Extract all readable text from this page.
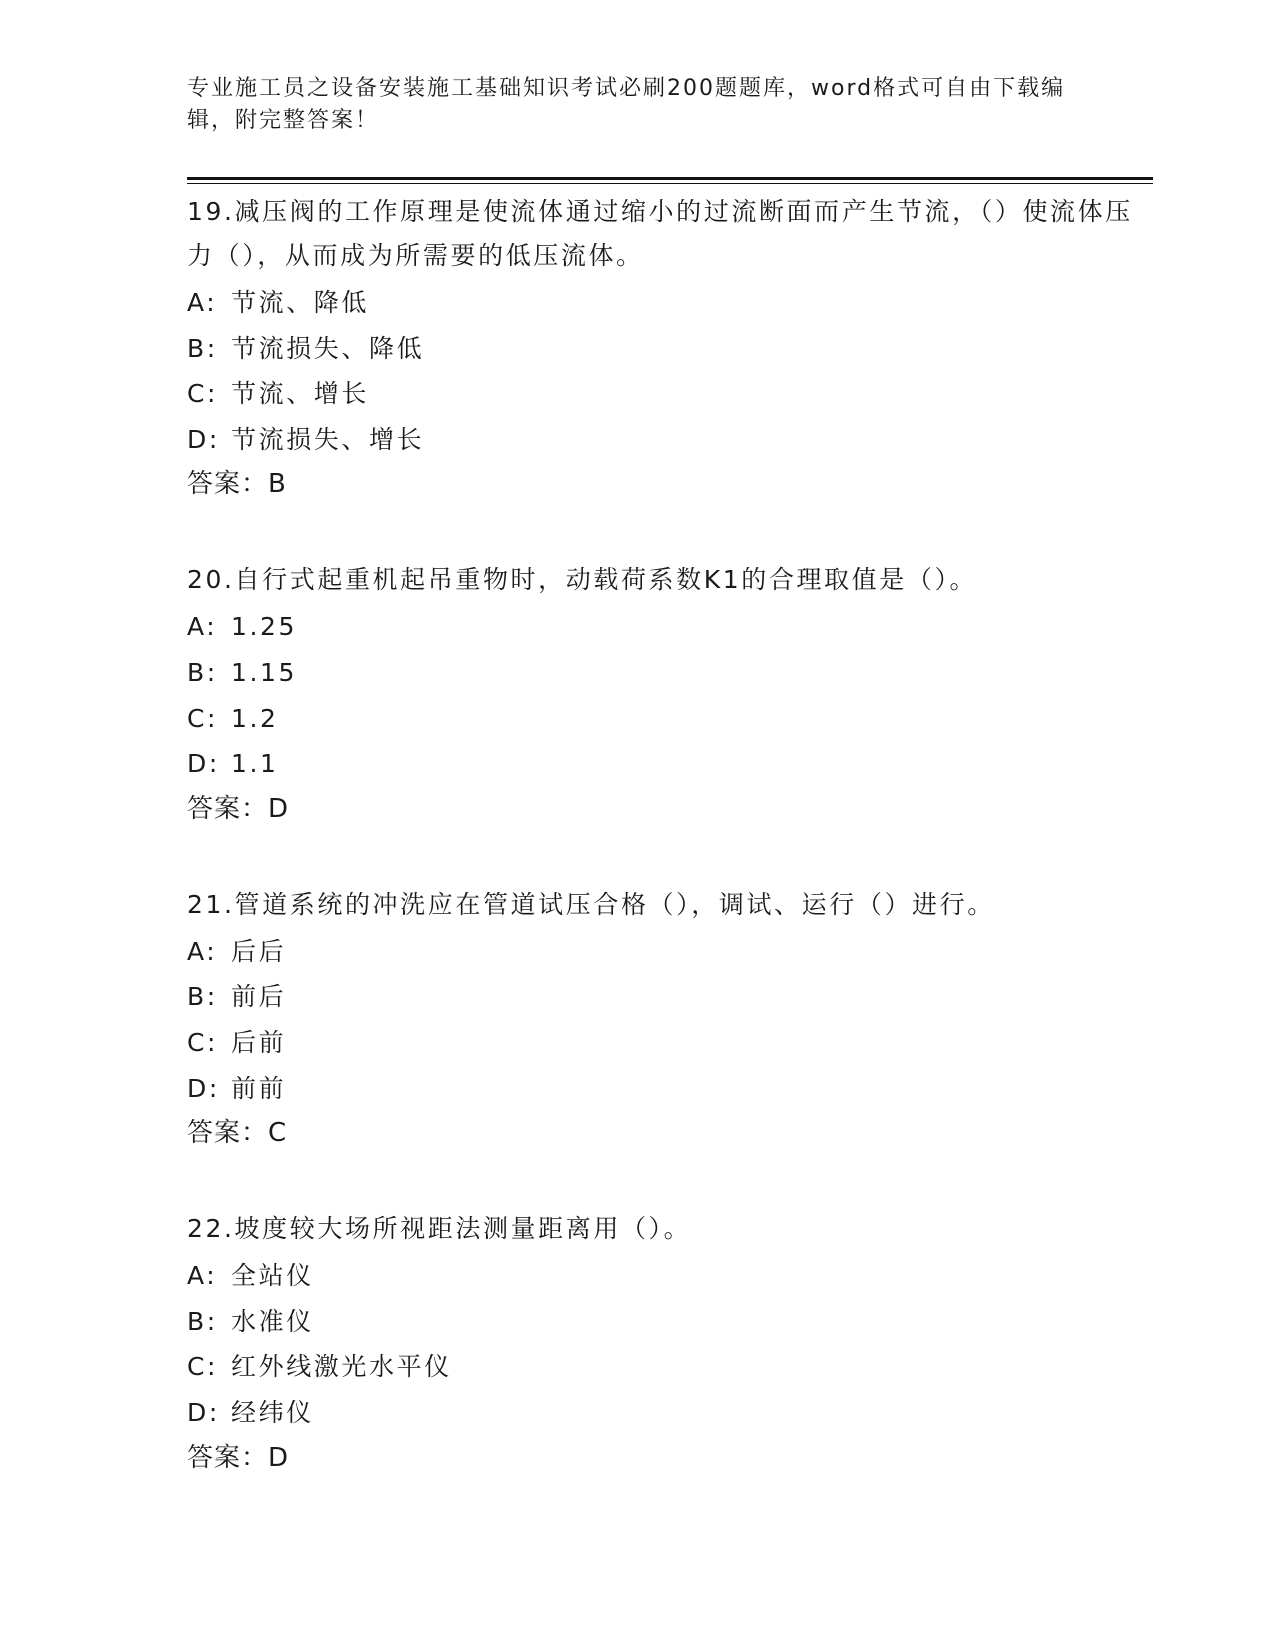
专业施工员之设备安装施工基础知识考试必刷200题题库，word格式可自由下载编辑，附完整答案！

19.减压阀的工作原理是使流体通过缩小的过流断面而产生节流，（）使流体压力（），从而成为所需要的低压流体。

A: 节流、降低

B: 节流损失、降低

C: 节流、增长

D: 节流损失、增长

答案：B

20.自行式起重机起吊重物时，动载荷系数K1的合理取值是（）。

A: 1.25

B: 1.15

C: 1.2

D: 1.1

答案：D

21.管道系统的冲洗应在管道试压合格（），调试、运行（）进行。

A: 后后

B: 前后

C: 后前

D: 前前

答案：C

22.坡度较大场所视距法测量距离用（）。

A: 全站仪

B: 水准仪

C: 红外线激光水平仪

D: 经纬仪

答案：D
